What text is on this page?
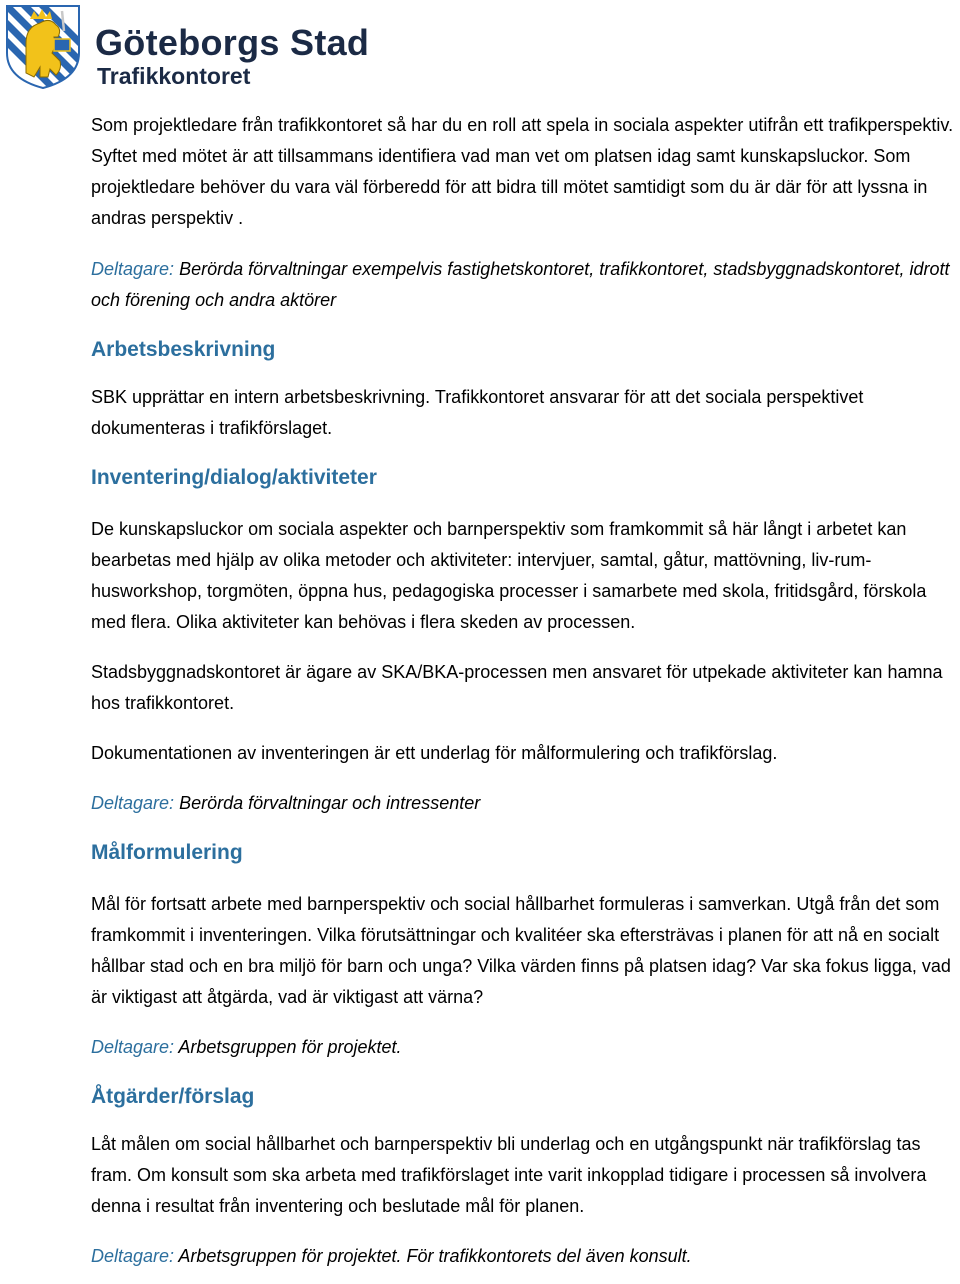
Göteborgs Stad
Trafikkontoret

Som projektledare från trafikkontoret så har du en roll att spela in sociala aspekter utifrån ett trafikperspektiv. Syftet med mötet är att tillsammans identifiera vad man vet om platsen idag samt kunskapsluckor. Som projektledare behöver du vara väl förberedd för att bidra till mötet samtidigt som du är där för att lyssna in andras perspektiv .

Deltagare: Berörda förvaltningar exempelvis fastighetskontoret, trafikkontoret, stadsbyggnadskontoret, idrott och förening och andra aktörer

Arbetsbeskrivning

SBK upprättar en intern arbetsbeskrivning. Trafikkontoret ansvarar för att det sociala perspektivet dokumenteras i trafikförslaget.

Inventering/dialog/aktiviteter

De kunskapsluckor om sociala aspekter och barnperspektiv som framkommit så här långt i arbetet kan bearbetas med hjälp av olika metoder och aktiviteter: intervjuer, samtal, gåtur, mattövning, liv-rum-husworkshop, torgmöten, öppna hus, pedagogiska processer i samarbete med skola, fritidsgård, förskola med flera. Olika aktiviteter kan behövas i flera skeden av processen.

Stadsbyggnadskontoret är ägare av SKA/BKA-processen men ansvaret för utpekade aktiviteter kan hamna hos trafikkontoret.

Dokumentationen av inventeringen är ett underlag för målformulering och trafikförslag.

Deltagare: Berörda förvaltningar och intressenter

Målformulering

Mål för fortsatt arbete med barnperspektiv och social hållbarhet formuleras i samverkan. Utgå från det som framkommit i inventeringen. Vilka förutsättningar och kvalitéer ska eftersträvas i planen för att nå en socialt hållbar stad och en bra miljö för barn och unga? Vilka värden finns på platsen idag? Var ska fokus ligga, vad är viktigast att åtgärda, vad är viktigast att värna?

Deltagare: Arbetsgruppen för projektet.

Åtgärder/förslag

Låt målen om social hållbarhet och barnperspektiv bli underlag och en utgångspunkt när trafikförslag tas fram. Om konsult som ska arbeta med trafikförslaget inte varit inkopplad tidigare i processen så involvera denna i resultat från inventering och beslutade mål för planen.

Deltagare: Arbetsgruppen för projektet. För trafikkontorets del även konsult.
